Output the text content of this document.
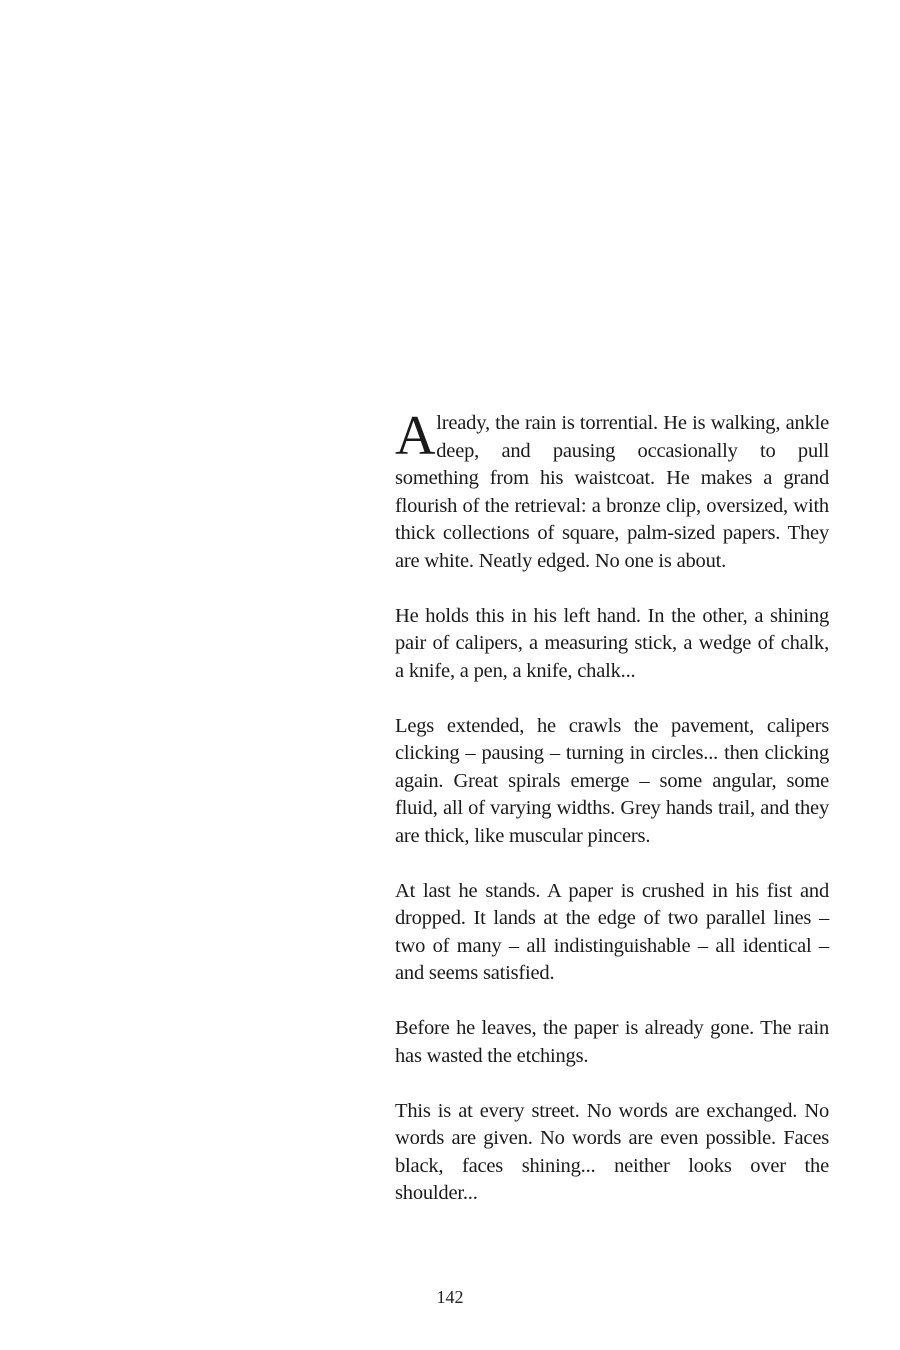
Already, the rain is torrential. He is walking, ankle deep, and pausing occasionally to pull something from his waistcoat. He makes a grand flourish of the retrieval: a bronze clip, oversized, with thick collections of square, palm-sized papers. They are white. Neatly edged. No one is about.

He holds this in his left hand. In the other, a shining pair of calipers, a measuring stick, a wedge of chalk, a knife, a pen, a knife, chalk...

Legs extended, he crawls the pavement, calipers clicking – pausing – turning in circles... then clicking again. Great spirals emerge – some angular, some fluid, all of varying widths. Grey hands trail, and they are thick, like muscular pincers.

At last he stands. A paper is crushed in his fist and dropped. It lands at the edge of two parallel lines – two of many – all indistinguishable – all identical – and seems satisfied.

Before he leaves, the paper is already gone. The rain has wasted the etchings.

This is at every street. No words are exchanged. No words are given. No words are even possible. Faces black, faces shining... neither looks over the shoulder...

142
